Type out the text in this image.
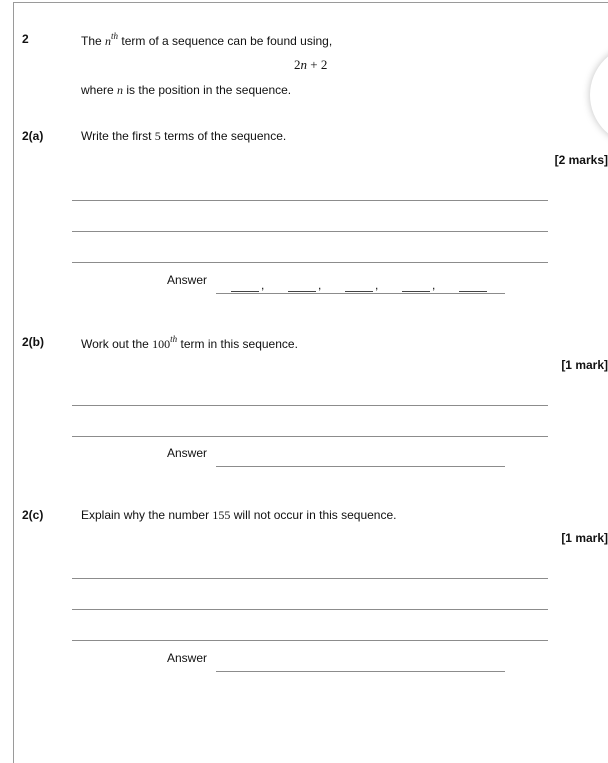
2	The $n^{th}$ term of a sequence can be found using,
2n + 2
where n is the position in the sequence.
2(a)	Write the first 5 terms of the sequence.
[2 marks]
Answer	,	,	,	,
2(b)	Work out the 100th term in this sequence.
[1 mark]
Answer
2(c)	Explain why the number 155 will not occur in this sequence.
[1 mark]
Answer
